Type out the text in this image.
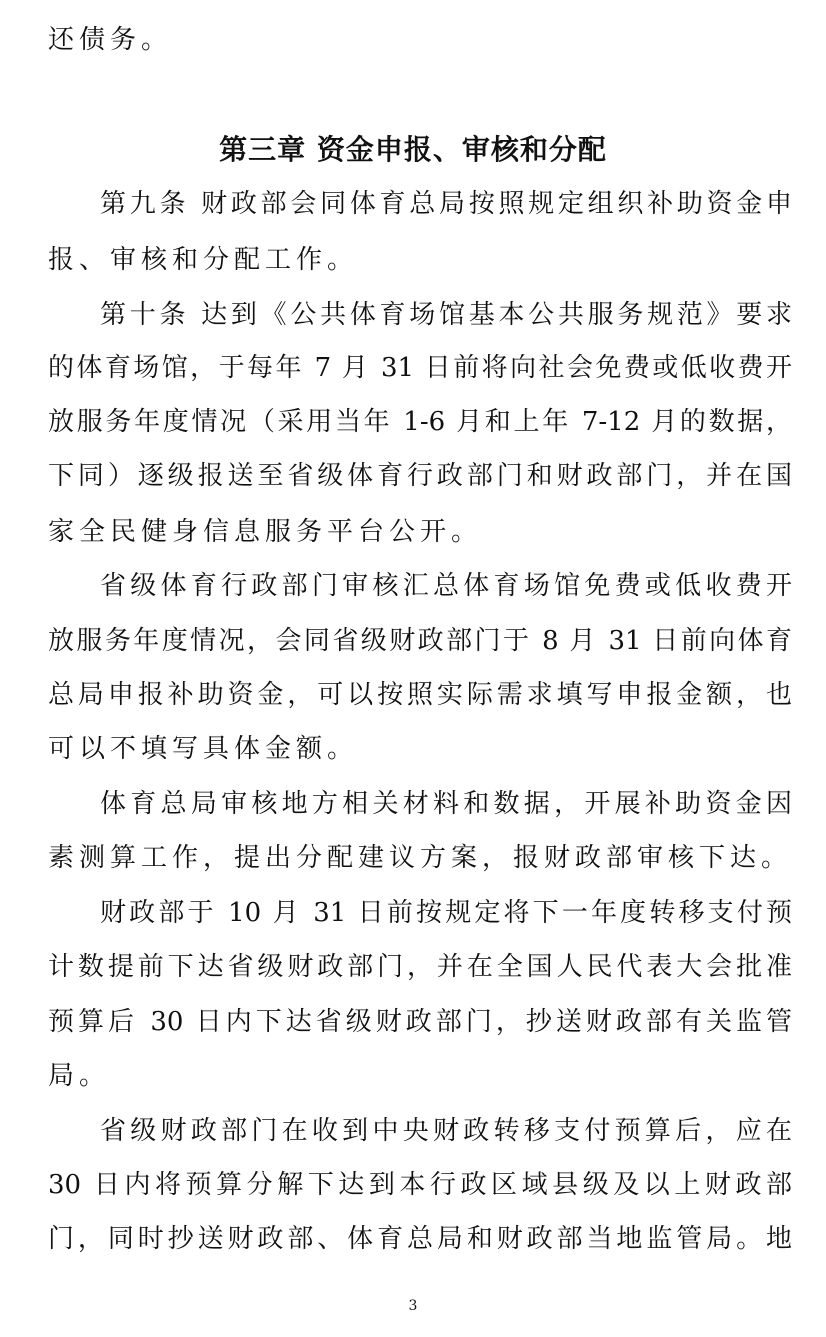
还债务。
第三章 资金申报、审核和分配
第九条 财政部会同体育总局按照规定组织补助资金申
报、审核和分配工作。
第十条 达到《公共体育场馆基本公共服务规范》要求
的体育场馆，于每年 7 月 31 日前将向社会免费或低收费开
放服务年度情况（采用当年 1-6 月和上年 7-12 月的数据，
下同）逐级报送至省级体育行政部门和财政部门，并在国
家全民健身信息服务平台公开。
省级体育行政部门审核汇总体育场馆免费或低收费开
放服务年度情况，会同省级财政部门于 8 月 31 日前向体育
总局申报补助资金，可以按照实际需求填写申报金额，也
可以不填写具体金额。
体育总局审核地方相关材料和数据，开展补助资金因
素测算工作，提出分配建议方案，报财政部审核下达。
财政部于 10 月 31 日前按规定将下一年度转移支付预
计数提前下达省级财政部门，并在全国人民代表大会批准
预算后 30 日内下达省级财政部门，抄送财政部有关监管
局。
省级财政部门在收到中央财政转移支付预算后，应在
30 日内将预算分解下达到本行政区域县级及以上财政部
门，同时抄送财政部、体育总局和财政部当地监管局。地
3
